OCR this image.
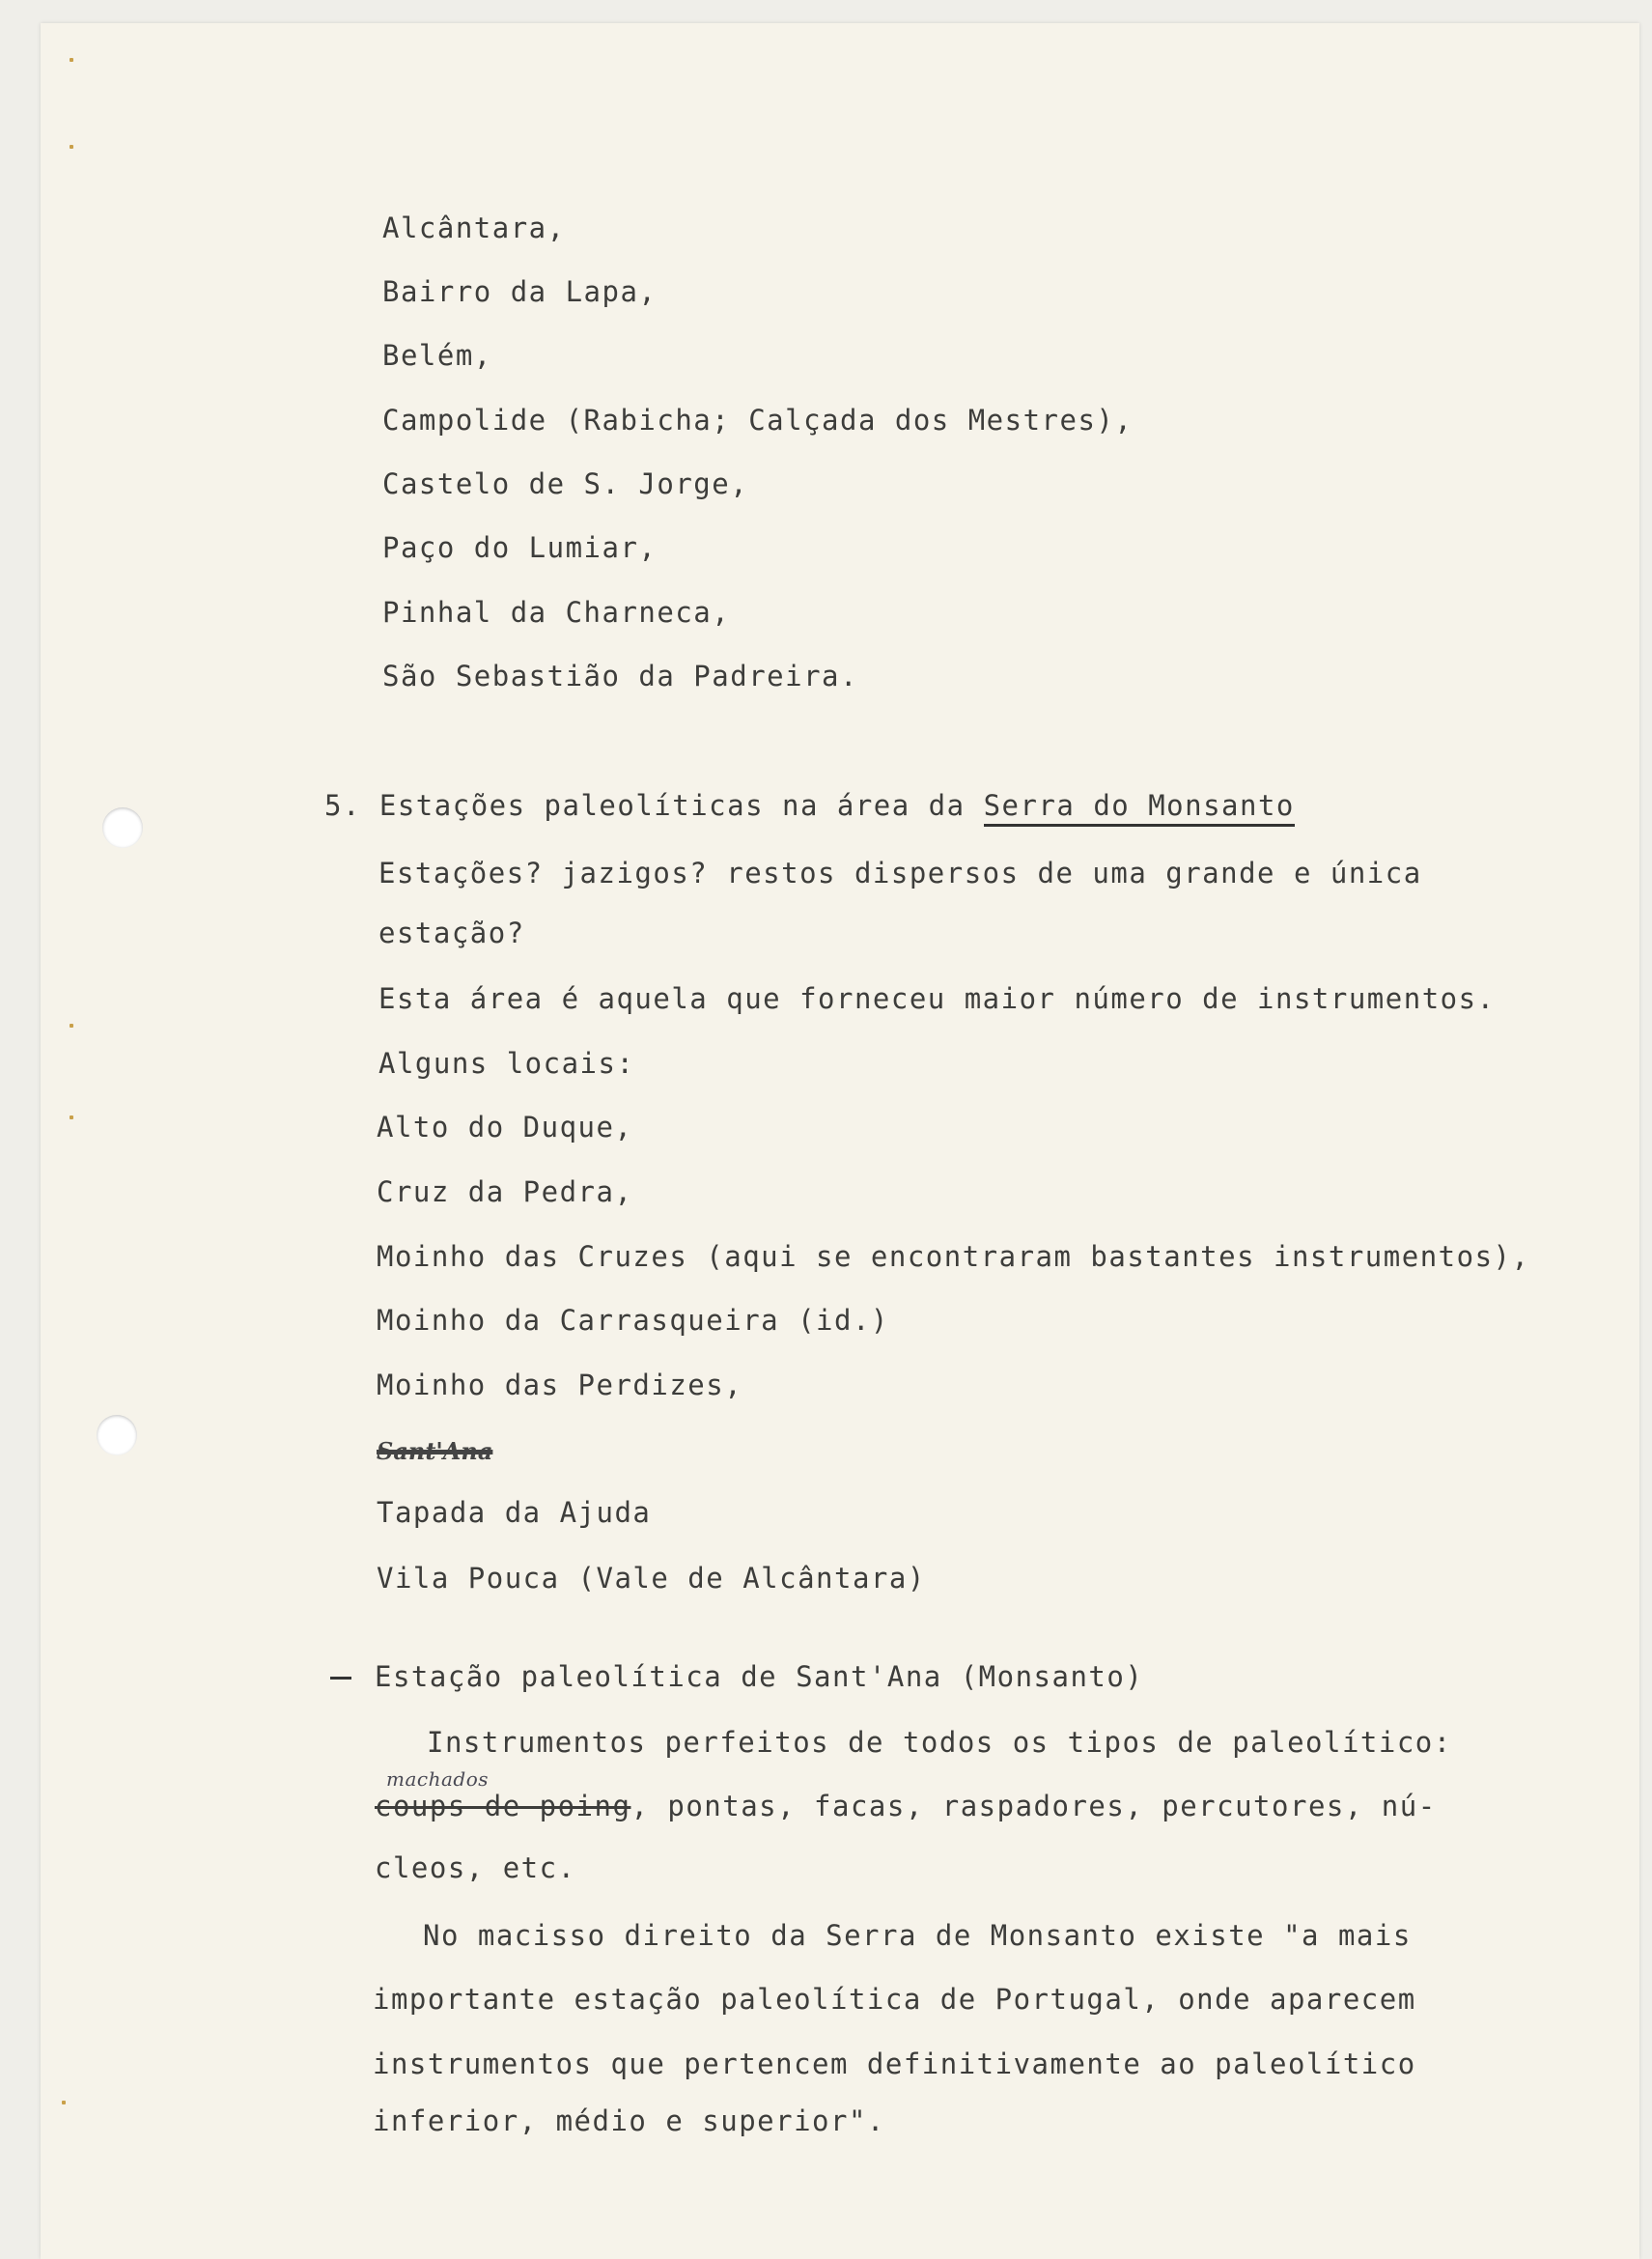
Alcântara,
Bairro da Lapa,
Belém,
Campolide (Rabicha; Calçada dos Mestres),
Castelo de S. Jorge,
Paço do Lumiar,
Pinhal da Charneca,
São Sebastião da Padreira.
5. Estações paleolíticas na área da Serra do Monsanto
Estações? jazigos? restos dispersos de uma grande e única
estação?
Esta área é aquela que forneceu maior número de instrumentos.
Alguns locais:
Alto do Duque,
Cruz da Pedra,
Moinho das Cruzes (aqui se encontraram bastantes instrumentos),
Moinho da Carrasqueira (id.)
Moinho das Perdizes,
Sant'Ana
Tapada da Ajuda
Vila Pouca (Vale de Alcântara)
Estação paleolítica de Sant'Ana (Monsanto)
Instrumentos perfeitos de todos os tipos de paleolítico:
machados
coups-de-poing, pontas, facas, raspadores, percutores, nú-
cleos, etc.
No macisso direito da Serra de Monsanto existe "a mais
importante estação paleolítica de Portugal, onde aparecem
instrumentos que pertencem definitivamente ao paleolítico
inferior, médio e superior".
